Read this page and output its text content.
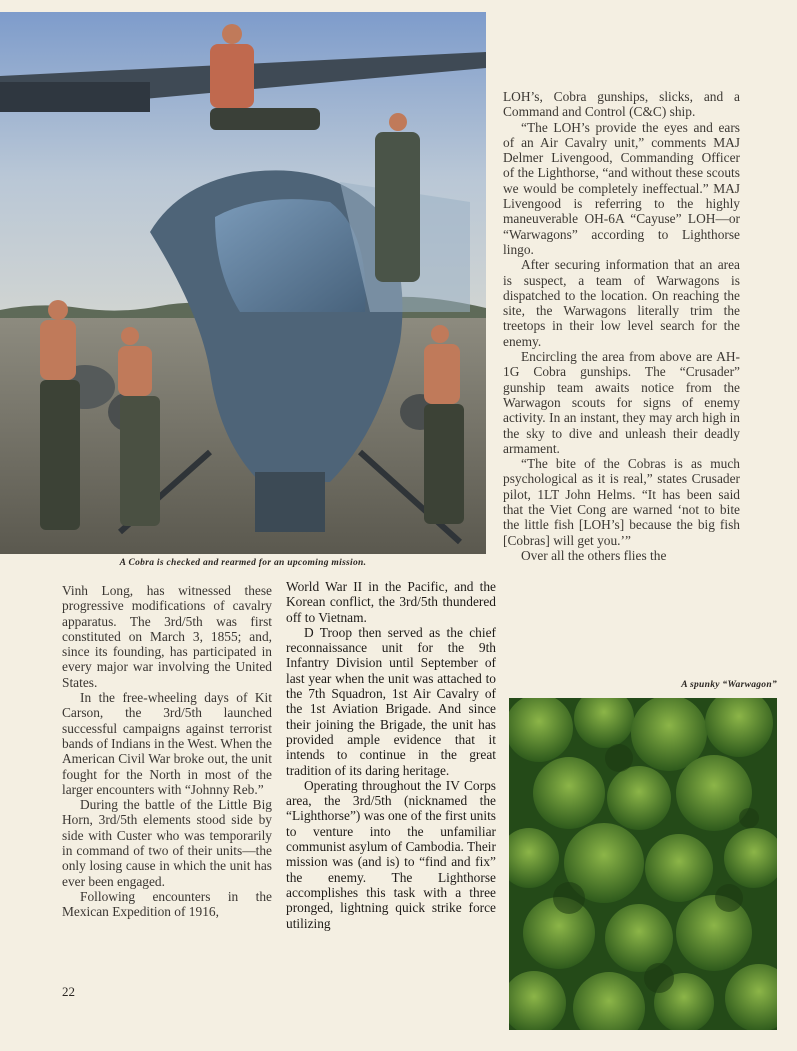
A Cobra is checked and rearmed for an upcoming mission.
A spunky “Warwagon”

Vinh Long, has witnessed these progressive modifications of cavalry apparatus. The 3rd/5th was first constituted on March 3, 1855; and, since its founding, has participated in every major war involving the United States.

In the free-wheeling days of Kit Carson, the 3rd/5th launched successful campaigns against terrorist bands of Indians in the West. When the American Civil War broke out, the unit fought for the North in most of the larger encounters with “Johnny Reb.”

During the battle of the Little Big Horn, 3rd/5th elements stood side by side with Custer who was temporarily in command of two of their units—the only losing cause in which the unit has ever been engaged.

Following encounters in the Mexican Expedition of 1916,

World War II in the Pacific, and the Korean conflict, the 3rd/5th thundered off to Vietnam.

D Troop then served as the chief reconnaissance unit for the 9th Infantry Division until September of last year when the unit was attached to the 7th Squadron, 1st Air Cavalry of the 1st Aviation Brigade. And since their joining the Brigade, the unit has provided ample evidence that it intends to continue in the great tradition of its daring heritage.

Operating throughout the IV Corps area, the 3rd/5th (nicknamed the “Lighthorse”) was one of the first units to venture into the unfamiliar communist asylum of Cambodia. Their mission was (and is) to “find and fix” the enemy. The Lighthorse accomplishes this task with a three pronged, lightning quick strike force utilizing

LOH’s, Cobra gunships, slicks, and a Command and Control (C&C) ship.

“The LOH’s provide the eyes and ears of an Air Cavalry unit,” comments MAJ Delmer Livengood, Commanding Officer of the Lighthorse, “and without these scouts we would be completely ineffectual.” MAJ Livengood is referring to the highly maneuverable OH-6A “Cayuse” LOH—or “Warwagons” according to Lighthorse lingo.

After securing information that an area is suspect, a team of Warwagons is dispatched to the location. On reaching the site, the Warwagons literally trim the treetops in their low level search for the enemy.

Encircling the area from above are AH-1G Cobra gunships. The “Crusader” gunship team awaits notice from the Warwagon scouts for signs of enemy activity. In an instant, they may arch high in the sky to dive and unleash their deadly armament.

“The bite of the Cobras is as much psychological as it is real,” states Crusader pilot, 1LT John Helms. “It has been said that the Viet Cong are warned ‘not to bite the little fish [LOH’s] because the big fish [Cobras] will get you.’”

Over all the others flies the

22
